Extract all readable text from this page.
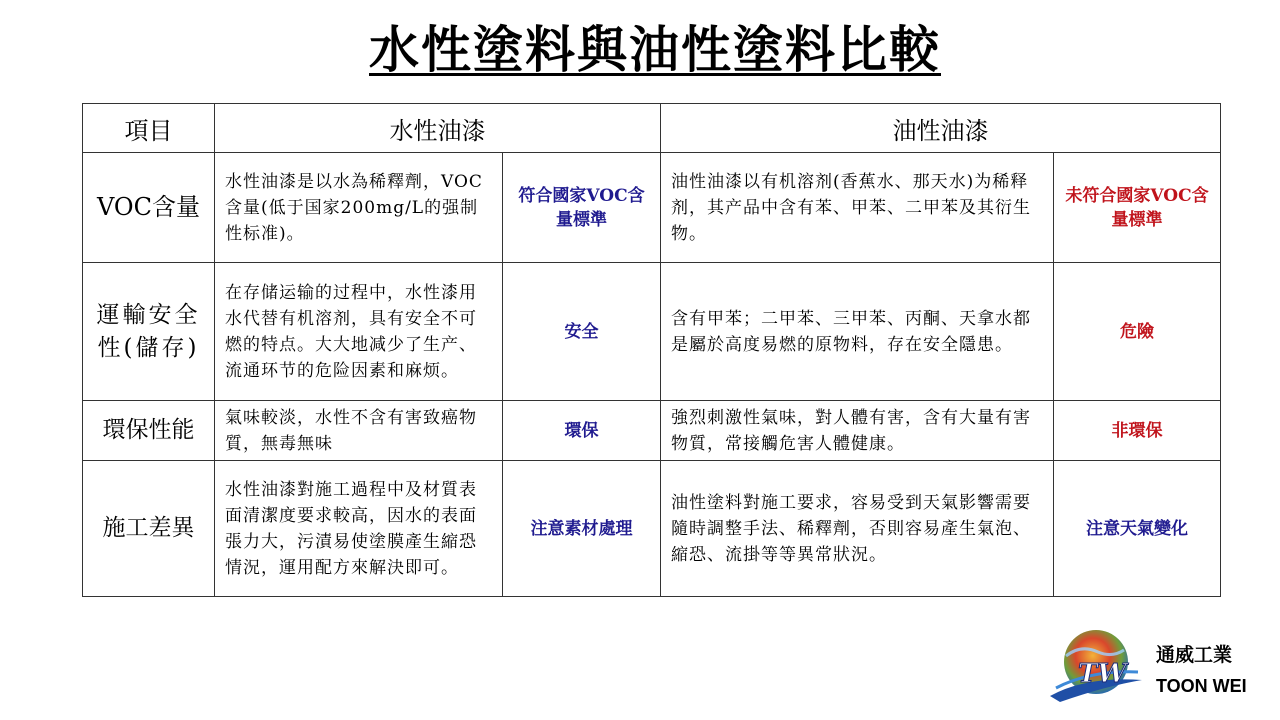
水性塗料與油性塗料比較
項目	水性油漆		油性油漆	

VOC含量	水性油漆是以水為稀釋劑，VOC含量(低于国家200mg/L的强制性标准)。	符合國家VOC含量標準	油性油漆以有机溶剂(香蕉水、那天水)为稀释剂，其产品中含有苯、甲苯、二甲苯及其衍生物。	未符合國家VOC含量標準

運輸安全性(儲存)	在存储运输的过程中，水性漆用水代替有机溶剂，具有安全不可燃的特点。大大地减少了生产、流通环节的危险因素和麻烦。	安全	含有甲苯；二甲苯、三甲苯、丙酮、天拿水都是屬於高度易燃的原物料，存在安全隱患。	危險
環保性能	氣味較淡，水性不含有害致癌物質，無毒無味	環保	強烈刺激性氣味，對人體有害，含有大量有害物質，常接觸危害人體健康。	非環保
施工差異	水性油漆對施工過程中及材質表面清潔度要求較高，因水的表面張力大，污漬易使塗膜產生縮恐情況，運用配方來解決即可。	注意素材處理	油性塗料對施工要求，容易受到天氣影響需要隨時調整手法、稀釋劑，否則容易產生氣泡、縮恐、流掛等等異常狀況。	注意天氣變化
TW
通威工業
TOON WEI
